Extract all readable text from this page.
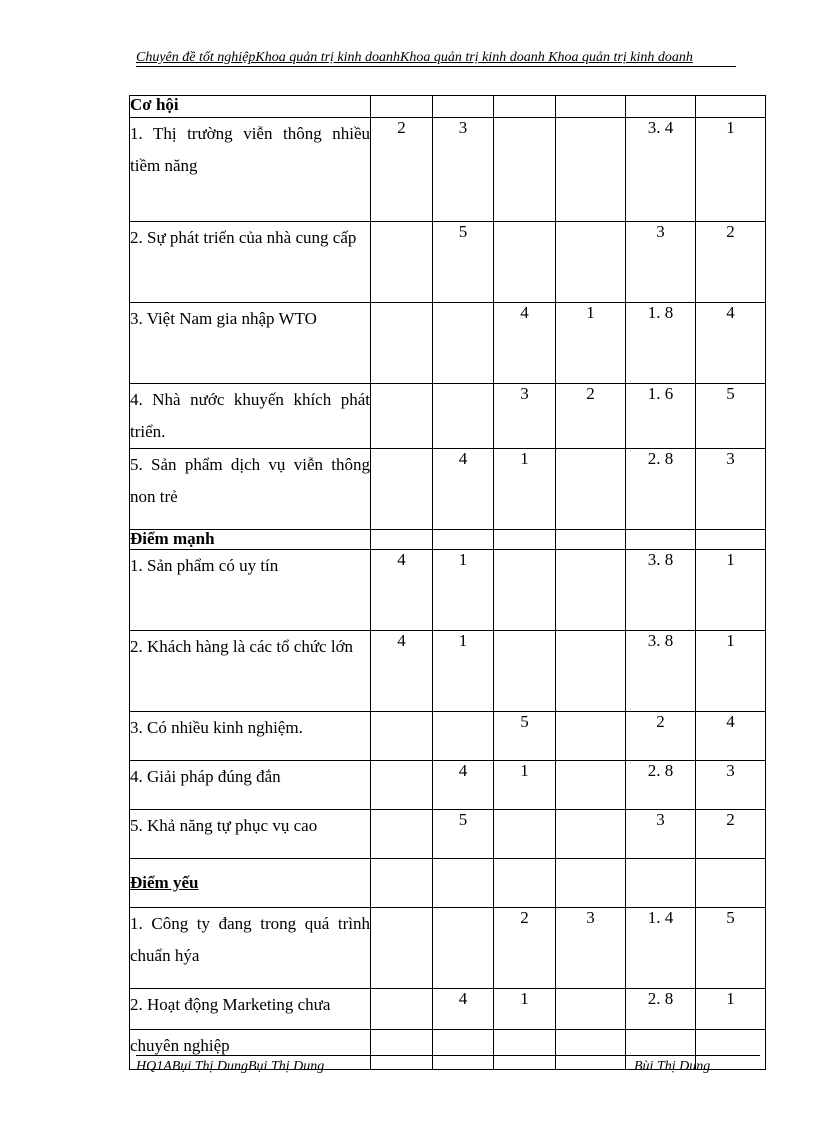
Chuyên đề tốt nghiệpKhoa quản trị kinh doanhKhoa quản trị kinh doanh Khoa quản trị kinh doanh
Cơ hội						
1. Thị trường viễn thông nhiều tiềm năng	2	3			3. 4	1
2. Sự phát triển của nhà cung cấp		5			3	2
3. Việt Nam gia nhập WTO			4	1	1. 8	4
4. Nhà nước khuyến khích phát triển.			3	2	1. 6	5
5. Sản phẩm dịch vụ viễn thông non trẻ		4	1		2. 8	3
Điểm mạnh						
1. Sản phẩm có uy tín	4	1			3. 8	1
2. Khách hàng là các tổ chức lớn	4	1			3. 8	1
3. Có nhiều kinh nghiệm.			5		2	4
4. Giải pháp đúng đắn		4	1		2. 8	3
5. Khả năng tự phục vụ cao		5			3	2
Điểm yếu						
1. Công ty đang trong quá trình chuẩn hýa			2	3	1. 4	5
2. Hoạt động Marketing chưa		4	1		2. 8	1
chuyên nghiệp						
HQ1ABụi Thị DungBụi Thị Dung	Bùi Thị Dung
